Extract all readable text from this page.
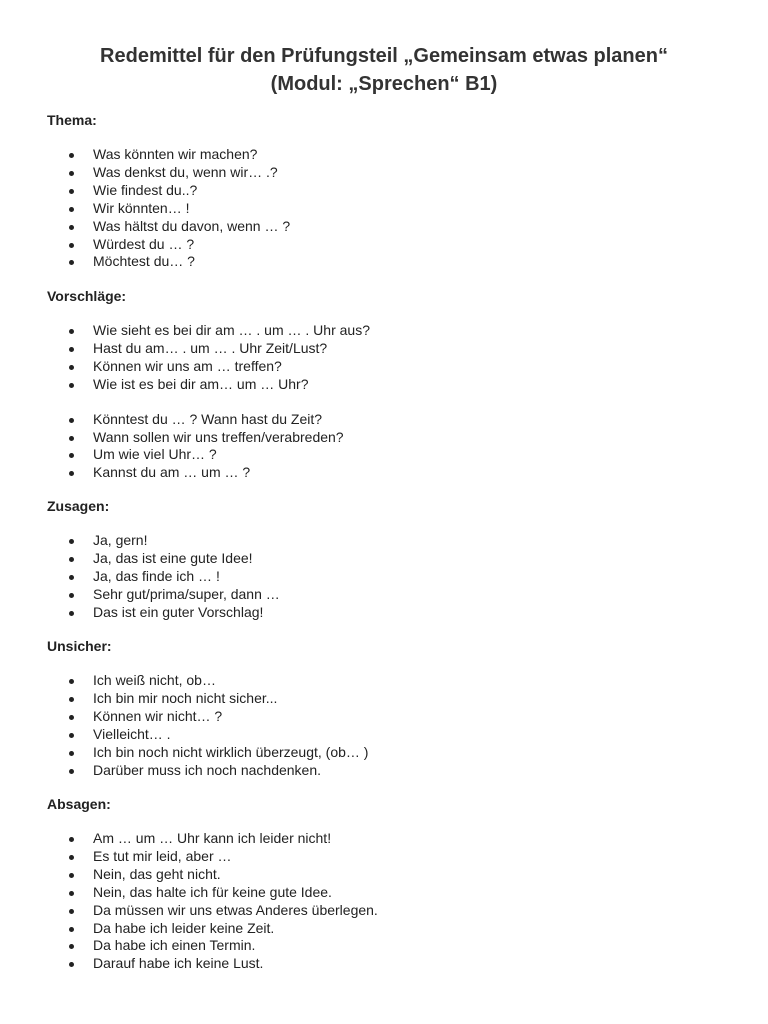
Redemittel für den Prüfungsteil „Gemeinsam etwas planen“
(Modul: „Sprechen“ B1)

Thema:

Was könnten wir machen?
Was denkst du, wenn wir… .?
Wie findest du..?
Wir könnten… !
Was hältst du davon, wenn … ?
Würdest du … ?
Möchtest du… ?

Vorschläge:

Wie sieht es bei dir am … . um … . Uhr aus?
Hast du am… . um … . Uhr Zeit/Lust?
Können wir uns am … treffen?
Wie ist es bei dir am… um … Uhr?
Könntest du … ? Wann hast du Zeit?
Wann sollen wir uns treffen/verabreden?
Um wie viel Uhr… ?
Kannst du am … um … ?

Zusagen:

Ja, gern!
Ja, das ist eine gute Idee!
Ja, das finde ich … !
Sehr gut/prima/super, dann …
Das ist ein guter Vorschlag!

Unsicher:

Ich weiß nicht, ob…
Ich bin mir noch nicht sicher...
Können wir nicht… ?
Vielleicht… .
Ich bin noch nicht wirklich überzeugt, (ob… )
Darüber muss ich noch nachdenken.

Absagen:

Am … um … Uhr kann ich leider nicht!
Es tut mir leid, aber …
Nein, das geht nicht.
Nein, das halte ich für keine gute Idee.
Da müssen wir uns etwas Anderes überlegen.
Da habe ich leider keine Zeit.
Da habe ich einen Termin.
Darauf habe ich keine Lust.
